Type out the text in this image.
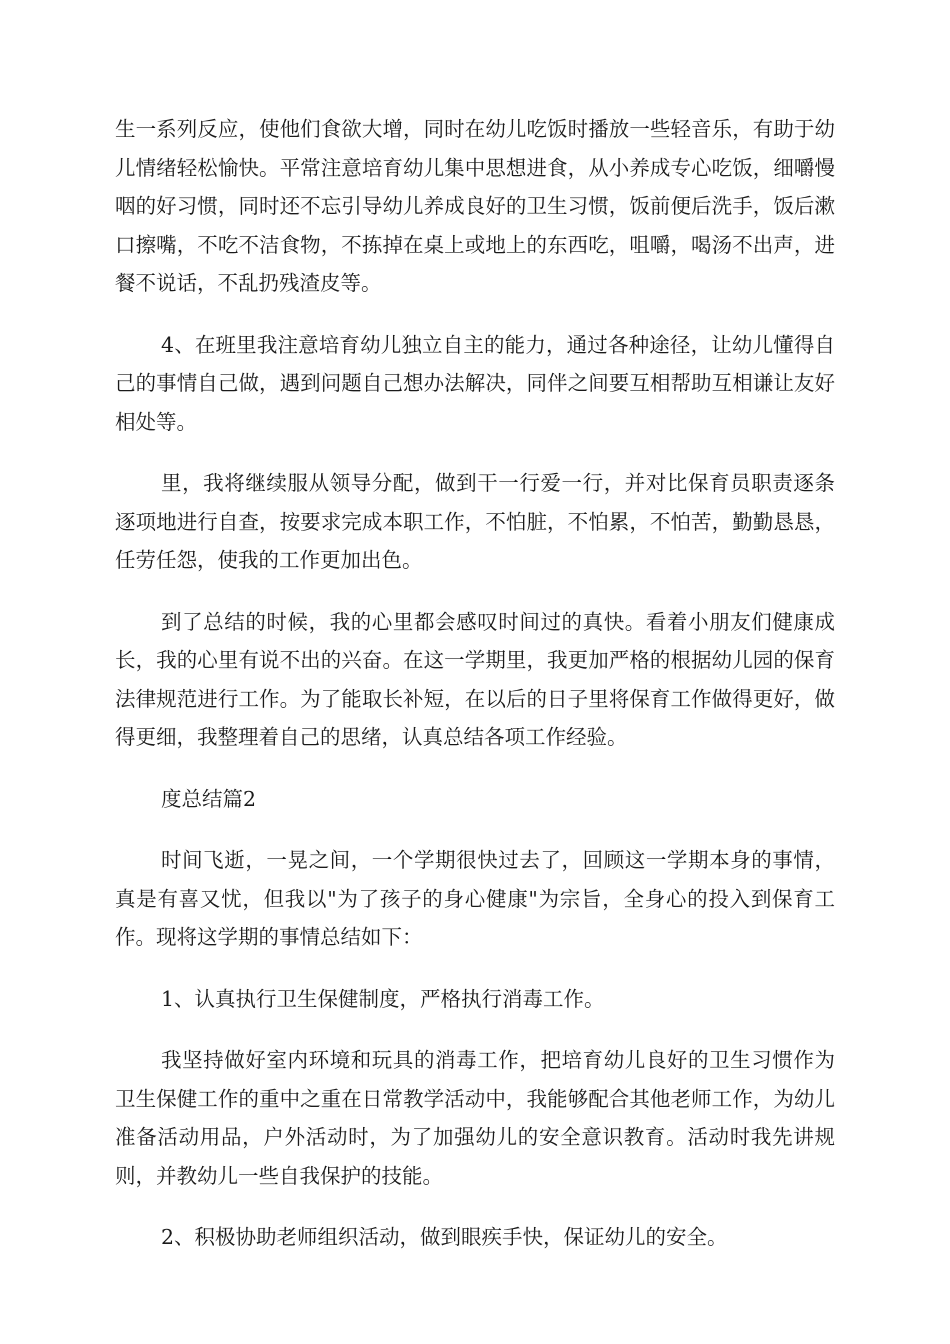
生一系列反应，使他们食欲大增，同时在幼儿吃饭时播放一些轻音乐，有助于幼儿情绪轻松愉快。平常注意培育幼儿集中思想进食，从小养成专心吃饭，细嚼慢咽的好习惯，同时还不忘引导幼儿养成良好的卫生习惯，饭前便后洗手，饭后漱口擦嘴，不吃不洁食物，不拣掉在桌上或地上的东西吃，咀嚼，喝汤不出声，进餐不说话，不乱扔残渣皮等。

4、在班里我注意培育幼儿独立自主的能力，通过各种途径，让幼儿懂得自己的事情自己做，遇到问题自己想办法解决，同伴之间要互相帮助互相谦让友好相处等。

里，我将继续服从领导分配，做到干一行爱一行，并对比保育员职责逐条逐项地进行自查，按要求完成本职工作，不怕脏，不怕累，不怕苦，勤勤恳恳，任劳任怨，使我的工作更加出色。

到了总结的时候，我的心里都会感叹时间过的真快。看着小朋友们健康成长，我的心里有说不出的兴奋。在这一学期里，我更加严格的根据幼儿园的保育法律规范进行工作。为了能取长补短，在以后的日子里将保育工作做得更好，做得更细，我整理着自己的思绪，认真总结各项工作经验。

度总结篇2

时间飞逝，一晃之间，一个学期很快过去了，回顾这一学期本身的事情，真是有喜又忧，但我以"为了孩子的身心健康"为宗旨，全身心的投入到保育工作。现将这学期的事情总结如下：

1、认真执行卫生保健制度，严格执行消毒工作。

我坚持做好室内环境和玩具的消毒工作，把培育幼儿良好的卫生习惯作为卫生保健工作的重中之重在日常教学活动中，我能够配合其他老师工作，为幼儿准备活动用品，户外活动时，为了加强幼儿的安全意识教育。活动时我先讲规则，并教幼儿一些自我保护的技能。

2、积极协助老师组织活动，做到眼疾手快，保证幼儿的安全。
